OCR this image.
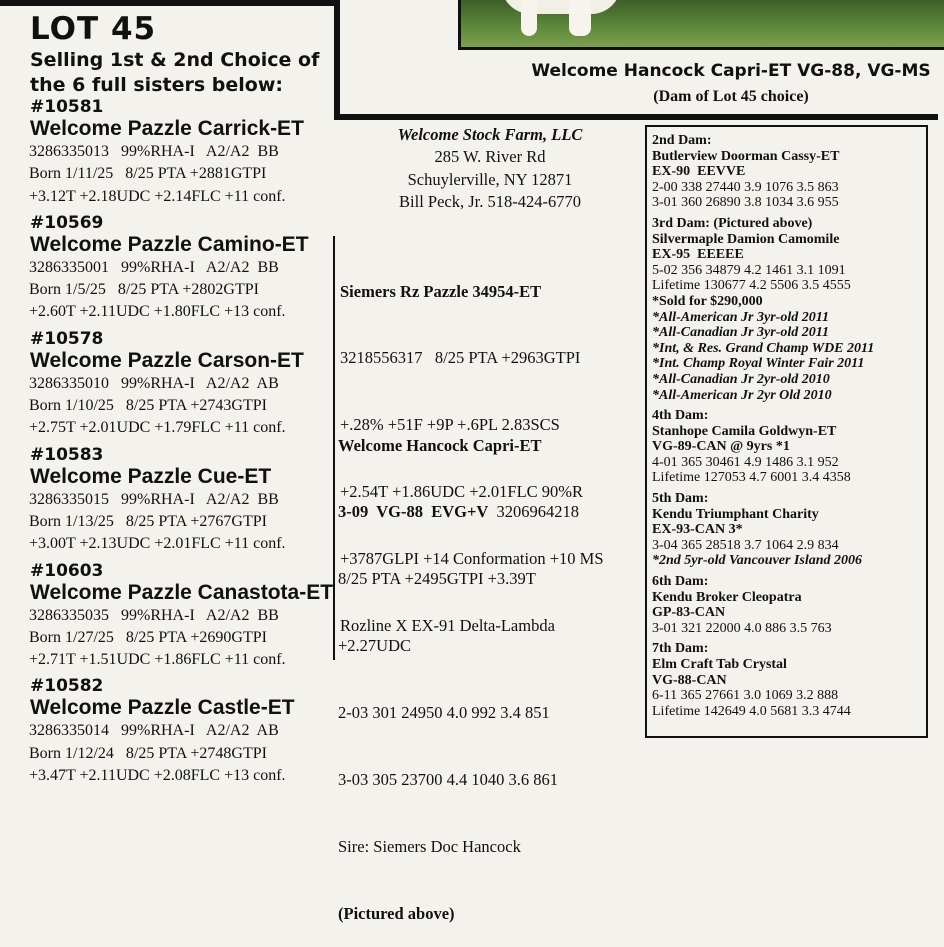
LOT 45
Selling 1st & 2nd Choice of the 6 full sisters below:
Welcome Hancock Capri-ET VG-88, VG-MS
(Dam of Lot 45 choice)
#10581
Welcome Pazzle Carrick-ET
3286335013   99%RHA-I   A2/A2  BB
Born 1/11/25   8/25 PTA +2881GTPI
+3.12T +2.18UDC +2.14FLC +11 conf.
#10569
Welcome Pazzle Camino-ET
3286335001   99%RHA-I   A2/A2  BB
Born 1/5/25   8/25 PTA +2802GTPI
+2.60T +2.11UDC +1.80FLC +13 conf.
#10578
Welcome Pazzle Carson-ET
3286335010   99%RHA-I   A2/A2  AB
Born 1/10/25   8/25 PTA +2743GTPI
+2.75T +2.01UDC +1.79FLC +11 conf.
#10583
Welcome Pazzle Cue-ET
3286335015   99%RHA-I   A2/A2  BB
Born 1/13/25   8/25 PTA +2767GTPI
+3.00T +2.13UDC +2.01FLC +11 conf.
#10603
Welcome Pazzle Canastota-ET
3286335035   99%RHA-I   A2/A2  BB
Born 1/27/25   8/25 PTA +2690GTPI
+2.71T +1.51UDC +1.86FLC +11 conf.
#10582
Welcome Pazzle Castle-ET
3286335014   99%RHA-I   A2/A2  AB
Born 1/12/24   8/25 PTA +2748GTPI
+3.47T +2.11UDC +2.08FLC +13 conf.
Welcome Stock Farm, LLC
285 W. River Rd
Schuylerville, NY 12871
Bill Peck, Jr. 518-424-6770

Siemers Rz Pazzle 34954-ET

3218556317   8/25 PTA +2963GTPI

+.28% +51F +9P +.6PL 2.83SCS

+2.54T +1.86UDC +2.01FLC 90%R

+3787GLPI +14 Conformation +10 MS

Rozline X EX-91 Delta-Lambda

Welcome Hancock Capri-ET

3-09  VG-88  EVG+V  3206964218

8/25 PTA +2495GTPI +3.39T

+2.27UDC

2-03 301 24950 4.0 992 3.4 851

3-03 305 23700 4.4 1040 3.6 861

Sire: Siemers Doc Hancock

(Pictured above)

2nd Dam:
Butlerview Doorman Cassy-ET
EX-90  EEVVE
2-00 338 27440 3.9 1076 3.5 863
3-01 360 26890 3.8 1034 3.6 955
3rd Dam: (Pictured above)
Silvermaple Damion Camomile
EX-95  EEEEE
5-02 356 34879 4.2 1461 3.1 1091
Lifetime 130677 4.2 5506 3.5 4555
*Sold for $290,000
*All-American Jr 3yr-old 2011
*All-Canadian Jr 3yr-old 2011
*Int, & Res. Grand Champ WDE 2011
*Int. Champ Royal Winter Fair 2011
*All-Canadian Jr 2yr-old 2010
*All-American Jr 2yr Old 2010
4th Dam:
Stanhope Camila Goldwyn-ET
VG-89-CAN @ 9yrs *1
4-01 365 30461 4.9 1486 3.1 952
Lifetime 127053 4.7 6001 3.4 4358
5th Dam:
Kendu Triumphant Charity
EX-93-CAN 3*
3-04 365 28518 3.7 1064 2.9 834
*2nd 5yr-old Vancouver Island 2006
6th Dam:
Kendu Broker Cleopatra
GP-83-CAN
3-01 321 22000 4.0 886 3.5 763
7th Dam:
Elm Craft Tab Crystal
VG-88-CAN
6-11 365 27661 3.0 1069 3.2 888
Lifetime 142649 4.0 5681 3.3 4744
